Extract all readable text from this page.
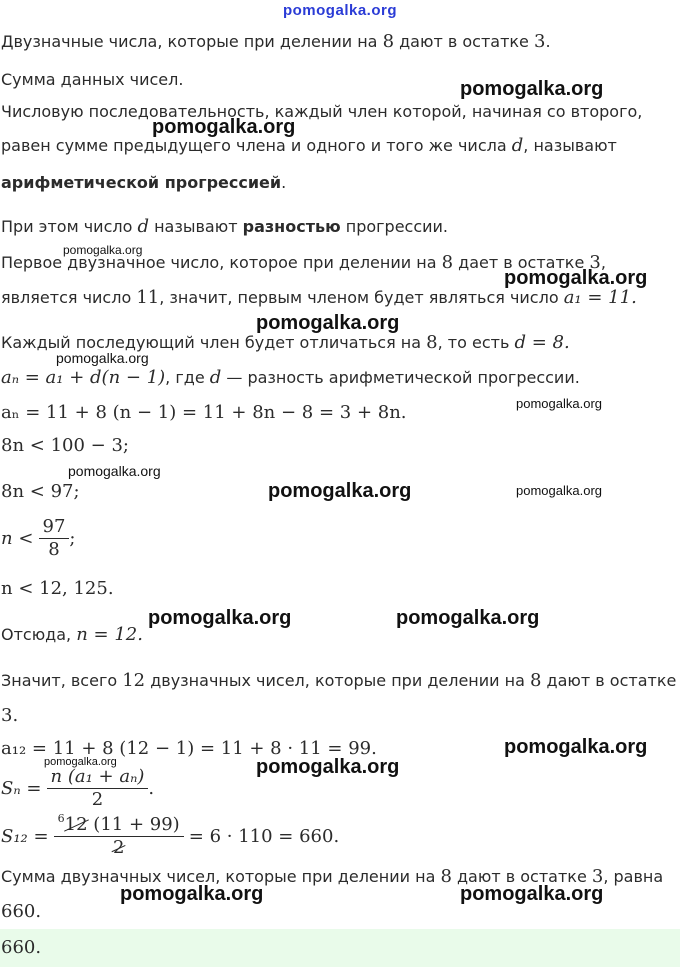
pomogalka.org
Двузначные числа, которые при делении на 8 дают в остатке 3.
Сумма данных чисел.
Числовую последовательность, каждый член которой, начиная со второго,
равен сумме предыдущего члена и одного и того же числа d, называют
арифметической прогрессией.
При этом число d называют разностью прогрессии.
Первое двузначное число, которое при делении на 8 дает в остатке 3,
является число 11, значит, первым членом будет являться число a₁ = 11.
Каждый последующий член будет отличаться на 8, то есть d = 8.
aₙ = a₁ + d(n − 1), где d — разность арифметической прогрессии.
aₙ = 11 + 8 (n − 1) = 11 + 8n − 8 = 3 + 8n.
8n < 100 − 3;
8n < 97;
$n < \frac{97}{8}$ ;
n < 12, 125.
Отсюда, n = 12.
Значит, всего 12 двузначных чисел, которые при делении на 8 дают в остатке
3.
a₁₂ = 11 + 8 (12 − 1) = 11 + 8 · 11 = 99.
$S_n = \frac{\text{n (a₁ + aₙ)}}{2}$ .
$S_{12} = \frac{^612 (11 + 99)}{2} = 6 \cdot 110 = 660$.
Сумма двузначных чисел, которые при делении на 8 дают в остатке 3, равна
660.
660.
pomogalka.org
pomogalka.org
pomogalka.org
pomogalka.org
pomogalka.org
pomogalka.org
pomogalka.org
pomogalka.org
pomogalka.org	pomogalka.org
pomogalka.org	pomogalka.org
pomogalka.org
pomogalka.org	pomogalka.org
pomogalka.org	pomogalka.org
